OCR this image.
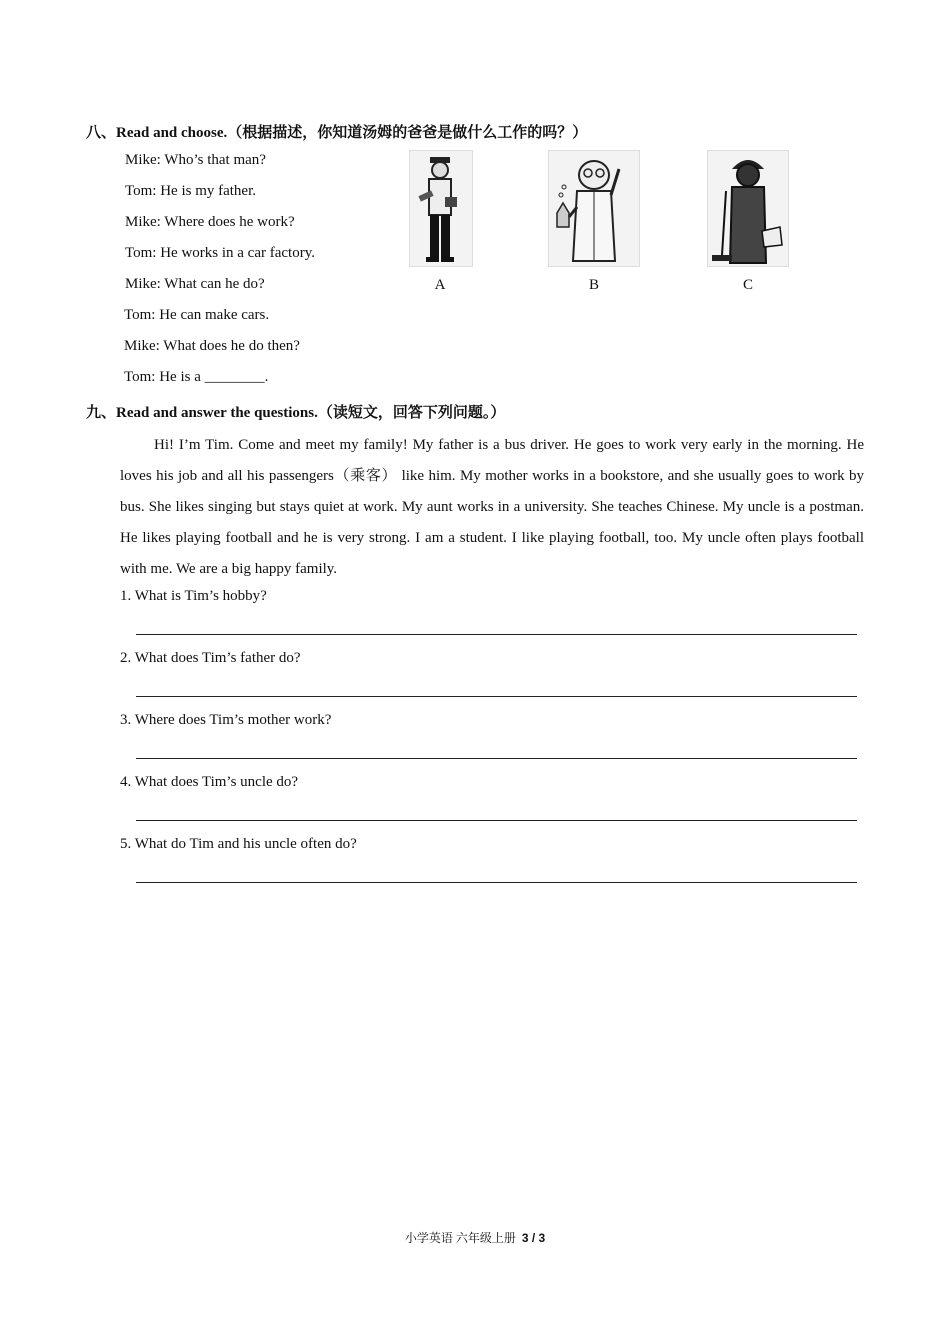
八、Read and choose.（根据描述，你知道汤姆的爸爸是做什么工作的吗？）
Mike: Who’s that man?
Tom: He is my father.
Mike: Where does he work?
Tom: He works in a car factory.
Mike: What can he do?
Tom: He can make cars.
Mike: What does he do then?
Tom: He is a ________.
A	B	C
九、Read and answer the questions.（读短文，回答下列问题。）
Hi! I’m Tim. Come and meet my family! My father is a bus driver. He goes to work very early in the morning. He loves his job and all his passengers（乘客） like him. My mother works in a bookstore, and she usually goes to work by bus. She likes singing but stays quiet at work. My aunt works in a university. She teaches Chinese. My uncle is a postman. He likes playing football and he is very strong. I am a student. I like playing football, too. My uncle often plays football with me. We are a big happy family.
1. What is Tim’s hobby?
2. What does Tim’s father do?
3. Where does Tim’s mother work?
4. What does Tim’s uncle do?
5. What do Tim and his uncle often do?
小学英语 六年级上册 3 / 3
